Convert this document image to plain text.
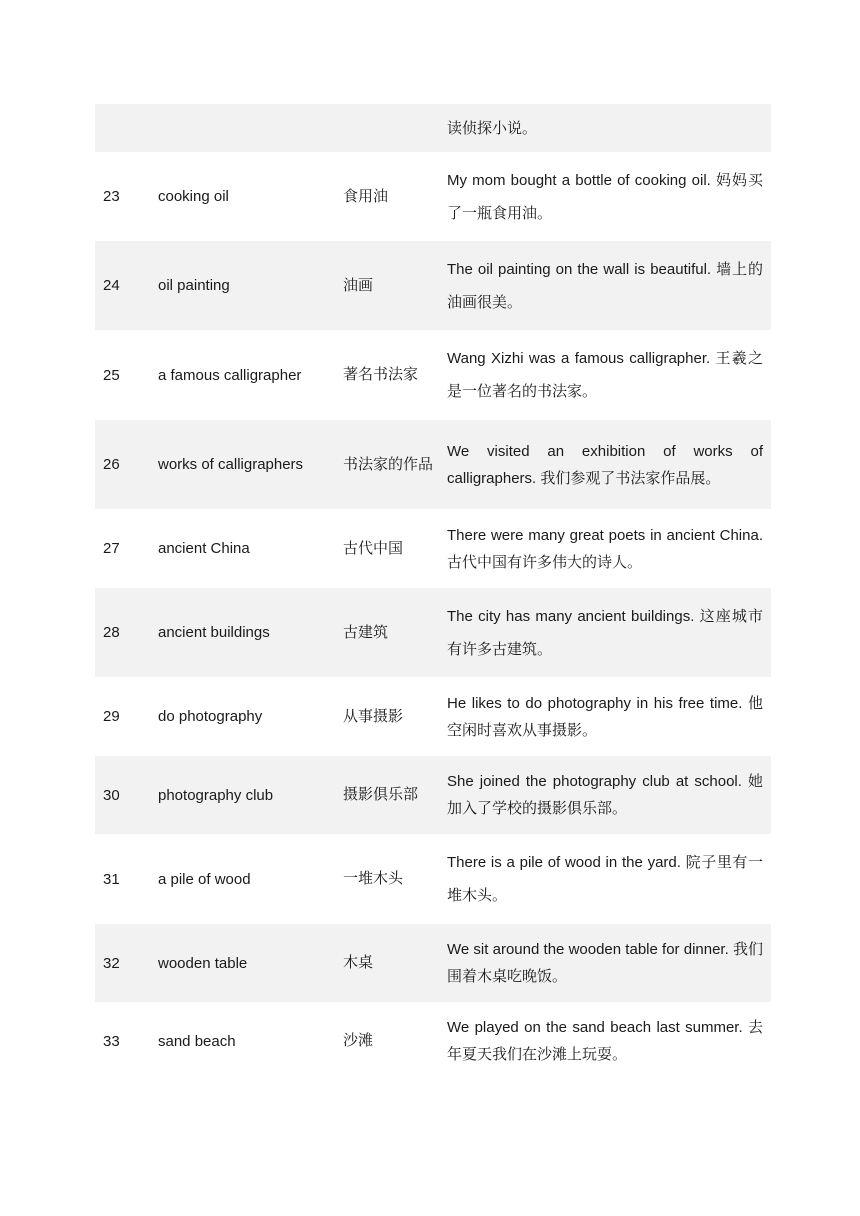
			读侦探小说。

23	cooking oil	食用油	My mom bought a bottle of cooking oil. 妈妈买了一瓶食用油。

24	oil painting	油画	The oil painting on the wall is beautiful. 墙上的油画很美。

25	a famous calligrapher	著名书法家	Wang Xizhi was a famous calligrapher. 王羲之是一位著名的书法家。

26	works of calligraphers	书法家的作品	We visited an exhibition of works of calligraphers. 我们参观了书法家作品展。

27	ancient China	古代中国	There were many great poets in ancient China. 古代中国有许多伟大的诗人。

28	ancient buildings	古建筑	The city has many ancient buildings. 这座城市有许多古建筑。

29	do photography	从事摄影	He likes to do photography in his free time. 他空闲时喜欢从事摄影。

30	photography club	摄影俱乐部	She joined the photography club at school. 她加入了学校的摄影俱乐部。

31	a pile of wood	一堆木头	There is a pile of wood in the yard. 院子里有一堆木头。

32	wooden table	木桌	We sit around the wooden table for dinner. 我们围着木桌吃晚饭。

33	sand beach	沙滩	We played on the sand beach last summer. 去年夏天我们在沙滩上玩耍。
